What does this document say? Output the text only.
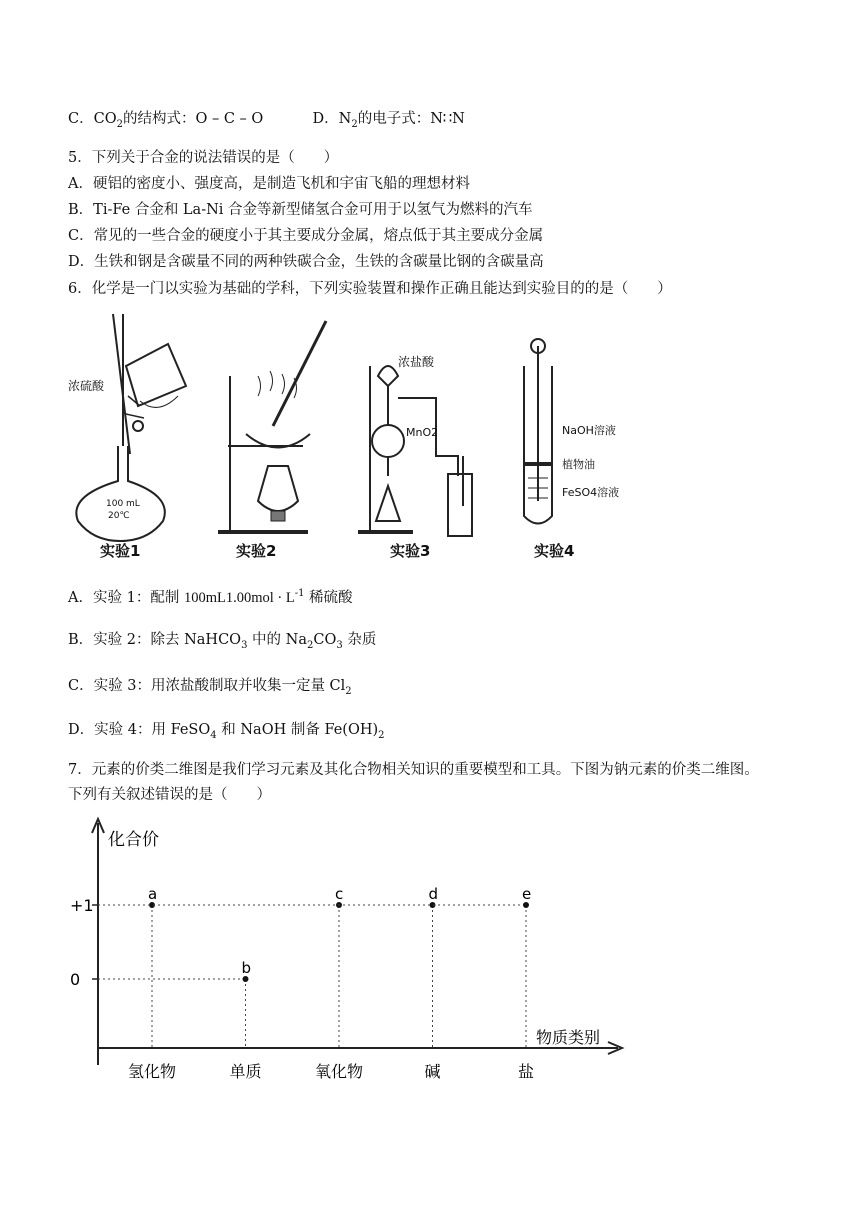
C．$CO_2$的结构式：O – C – O	D．$N_2$的电子式：N∷N
5．下列关于合金的说法错误的是（　　）
A．硬铝的密度小、强度高，是制造飞机和宇宙飞船的理想材料
B．Ti-Fe 合金和 La-Ni 合金等新型储氢合金可用于以氢气为燃料的汽车
C．常见的一些合金的硬度小于其主要成分金属，熔点低于其主要成分金属
D．生铁和钢是含碳量不同的两种铁碳合金，生铁的含碳量比钢的含碳量高
6．化学是一门以实验为基础的学科，下列实验装置和操作正确且能达到实验目的的是（　　）
浓硫酸
100 mL
20℃
浓盐酸
MnO2	NaOH溶液
植物油
FeSO4溶液
实验1	实验2	实验3	实验4
A．实验 1：配制 $100mL1.00mol \cdot L^{-1}$ 稀硫酸
B．实验 2：除去 NaHCO$_3$ 中的 $Na_2CO_3$ 杂质
C．实验 3：用浓盐酸制取并收集一定量 $Cl_2$
D．实验 4：用 FeSO$_4$ 和 NaOH 制备 $Fe(OH)_2$
7．元素的价类二维图是我们学习元素及其化合物相关知识的重要模型和工具。下图为钠元素的价类二维图。
下列有关叙述错误的是（　　）
+1
0
氢化物	单质	氧化物	碱	盐
a
b
c	d	e
化合价
物质类别
